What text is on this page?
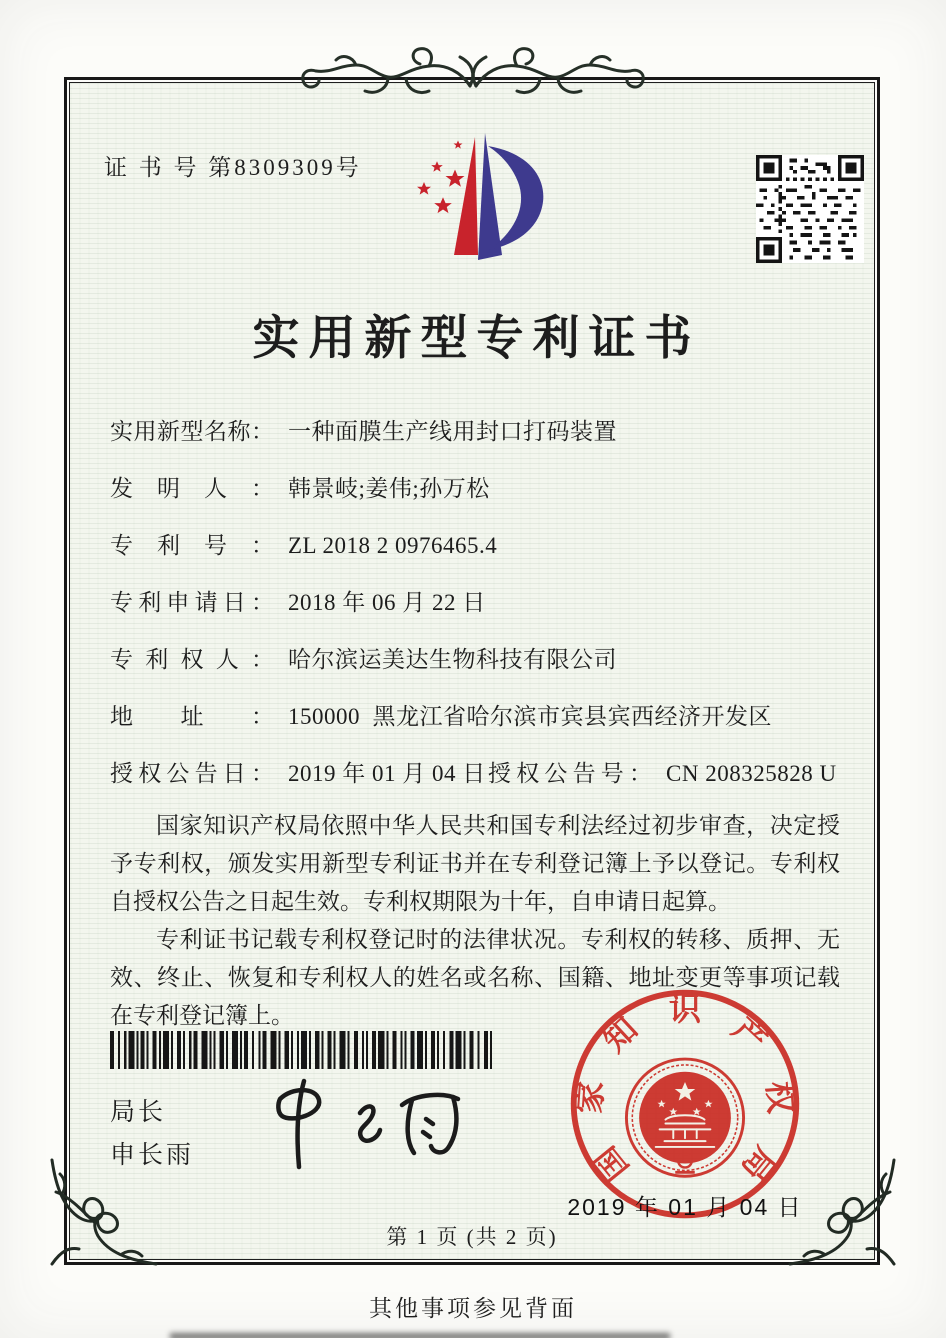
证 书 号 第8309309号
实用新型专利证书
实用新型名称： 一种面膜生产线用封口打码装置
发明人： 韩景岐;姜伟;孙万松
专利号： ZL 2018 2 0976465.4
专利申请日： 2018 年 06 月 22 日
专利权人： 哈尔滨运美达生物科技有限公司
地址： 150000  黑龙江省哈尔滨市宾县宾西经济开发区
授权公告日： 2019 年 01 月 04 日 授权公告号： CN 208325828 U

国家知识产权局依照中华人民共和国专利法经过初步审查，决定授予专利权，颁发实用新型专利证书并在专利登记簿上予以登记。专利权自授权公告之日起生效。专利权期限为十年，自申请日起算。

专利证书记载专利权登记时的法律状况。专利权的转移、质押、无效、终止、恢复和专利权人的姓名或名称、国籍、地址变更等事项记载在专利登记簿上。

局长
申长雨	国
家
知
识
产
权
局
2019 年 01 月 04 日
第 1 页 (共 2 页)
其他事项参见背面
